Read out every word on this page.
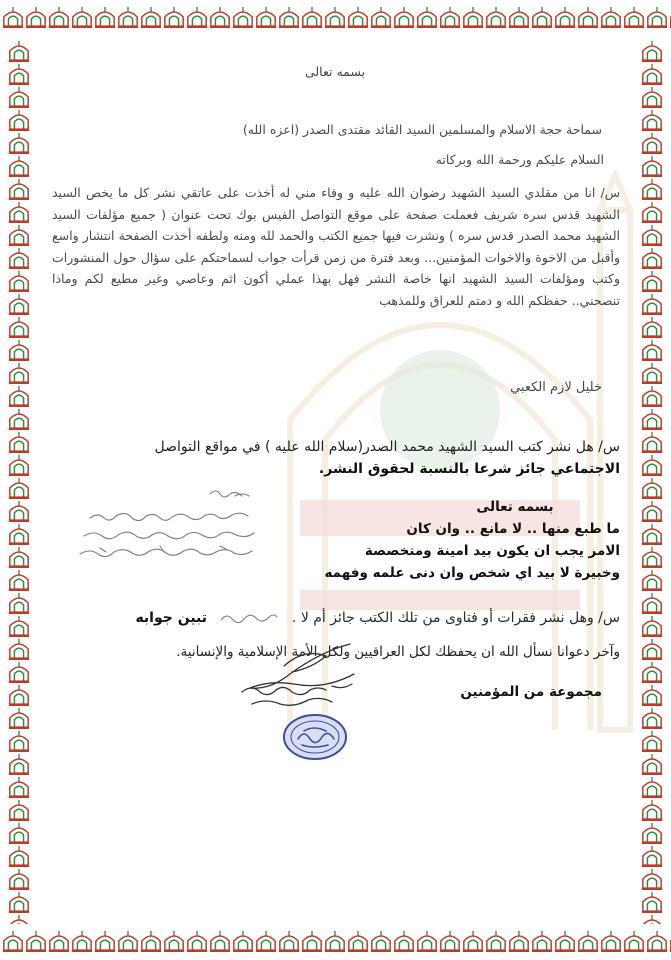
بسمه تعالى
سماحة حجة الاسلام والمسلمين السيد القائد مقتدى الصدر (اعزه الله)
السلام عليكم ورحمة الله وبركاته
س/ انا من مقلدي السيد الشهيد رضوان الله عليه و وفاء مني له أخذت على عاتقي نشر كل ما يخص السيد الشهيد قدس سره شريف فعملت صفحة على موقع التواصل الفيس بوك تحت عنوان ( جميع مؤلفات السيد الشهيد محمد الصدر قدس سره ) ونشرت فيها جميع الكتب والحمد لله ومنه ولطفه أخذت الصفحة انتشار واسع وأقبل من الاخوة والاخوات المؤمنين... وبعد فترة من زمن قرأت جواب لسماحتكم على سؤال حول المنشورات وكتب ومؤلفات السيد الشهيد انها خاصة النشر فهل بهذا عملي أكون اثم وعاصي وغير مطيع لكم وماذا تنصحني.. حفظكم الله و دمتم للعراق وللمذهب
خليل لازم الكعبي
س/ هل نشر كتب السيد الشهيد محمد الصدر(سلام الله عليه ) في مواقع التواصل
الاجتماعي جائز شرعا بالنسبة لحقوق النشر.
بسمه تعالى
ما طبع منها .. لا مانع .. وان كان
الامر يجب ان يكون بيد امينة ومتخصصة
وخبيرة لا بيد اي شخص وان دنى علمه وفهمه
س/ وهل نشر فقرات أو فتاوى من تلك الكتب جائز أم لا .  تبين جوابه
وآخر دعوانا نسأل الله ان يحفظك لكل العراقيين ولكل الأمة الإسلامية والإنسانية.
مجموعة من المؤمنين
